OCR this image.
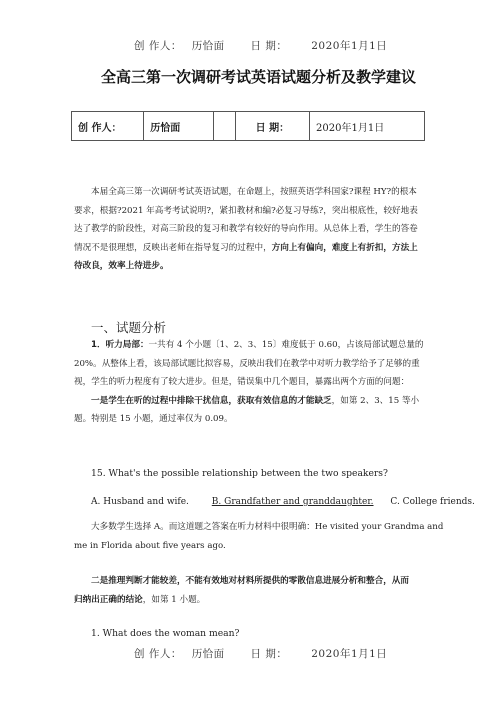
创 作人： 历恰面 日 期： 2020年1月1日
全高三第一次调研考试英语试题分析及教学建议
创 作人：	历恰面		日 期：	2020年1月1日
本届全高三第一次调研考试英语试题，在命题上，按照英语学科国家?课程 HY?的根本
要求，根据?2021 年高考考试说明?，紧扣教材和编?必复习导练?，突出根底性，较好地表
达了教学的阶段性，对高三阶段的复习和教学有较好的导向作用。从总体上看，学生的答卷
情况不是很理想，反映出老师在指导复习的过程中，方向上有偏向，难度上有折扣，方法上
待改良，效率上待进步。
一、试题分析
1．听力局部：一共有 4 个小题〔1、2、3、15〕难度低于 0.60，占该局部试题总量的
20%。从整体上看，该局部试题比拟容易，反映出我们在教学中对听力教学给予了足够的重
视，学生的听力程度有了较大进步。但是，错误集中几个题目，暴露出两个方面的问题：
一是学生在听的过程中排除干扰信息，获取有效信息的才能缺乏，如第 2、3、15 等小
题。特别是 15 小题，通过率仅为 0.09。
15. What's the possible relationship between the two speakers?
A. Husband and wife.	B. Grandfather and granddaughter. C. College friends.
大多数学生选择 A。而这道题之答案在听力材料中很明确：He visited your Grandma and
me in Florida about five years ago.
二是推理判断才能较差，不能有效地对材料所提供的零散信息进展分析和整合，从而
归纳出正确的结论，如第 1 小题。
1. What does the woman mean?
创 作人： 历恰面 日 期： 2020年1月1日
